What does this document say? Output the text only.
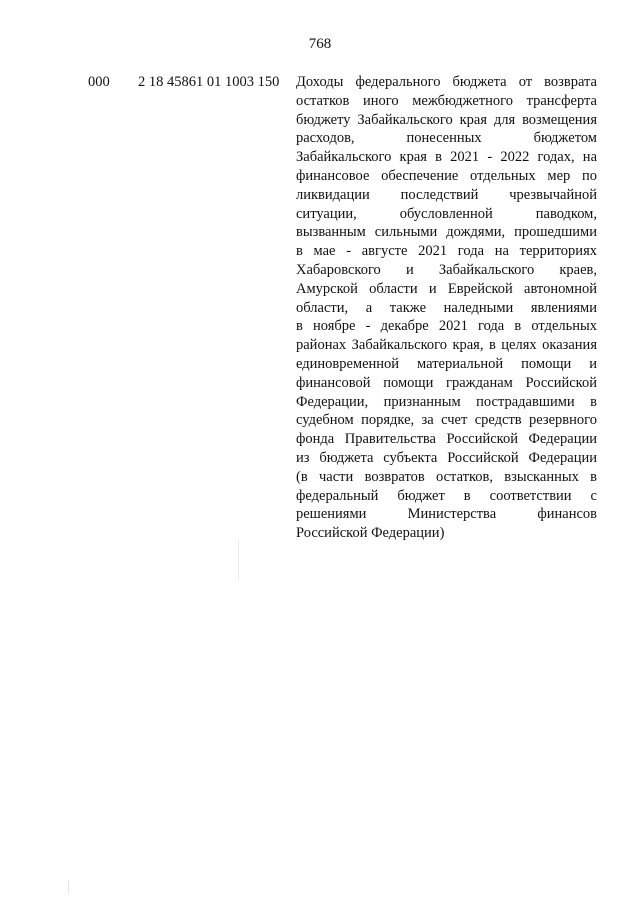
768
000 2 18 45861 01 1003 150 Доходы федерального бюджета от возврата
остатков иного межбюджетного трансферта
бюджету Забайкальского края для возмещения
расходов, понесенных бюджетом
Забайкальского края в 2021 - 2022 годах, на
финансовое обеспечение отдельных мер по
ликвидации последствий чрезвычайной
ситуации, обусловленной паводком,
вызванным сильными дождями, прошедшими
в мае - августе 2021 года на территориях
Хабаровского и Забайкальского краев,
Амурской области и Еврейской автономной
области, а также наледными явлениями
в ноябре - декабре 2021 года в отдельных
районах Забайкальского края, в целях оказания
единовременной материальной помощи и
финансовой помощи гражданам Российской
Федерации, признанным пострадавшими в
судебном порядке, за счет средств резервного
фонда Правительства Российской Федерации
из бюджета субъекта Российской Федерации
(в части возвратов остатков, взысканных в
федеральный бюджет в соответствии с
решениями Министерства финансов
Российской Федерации)
